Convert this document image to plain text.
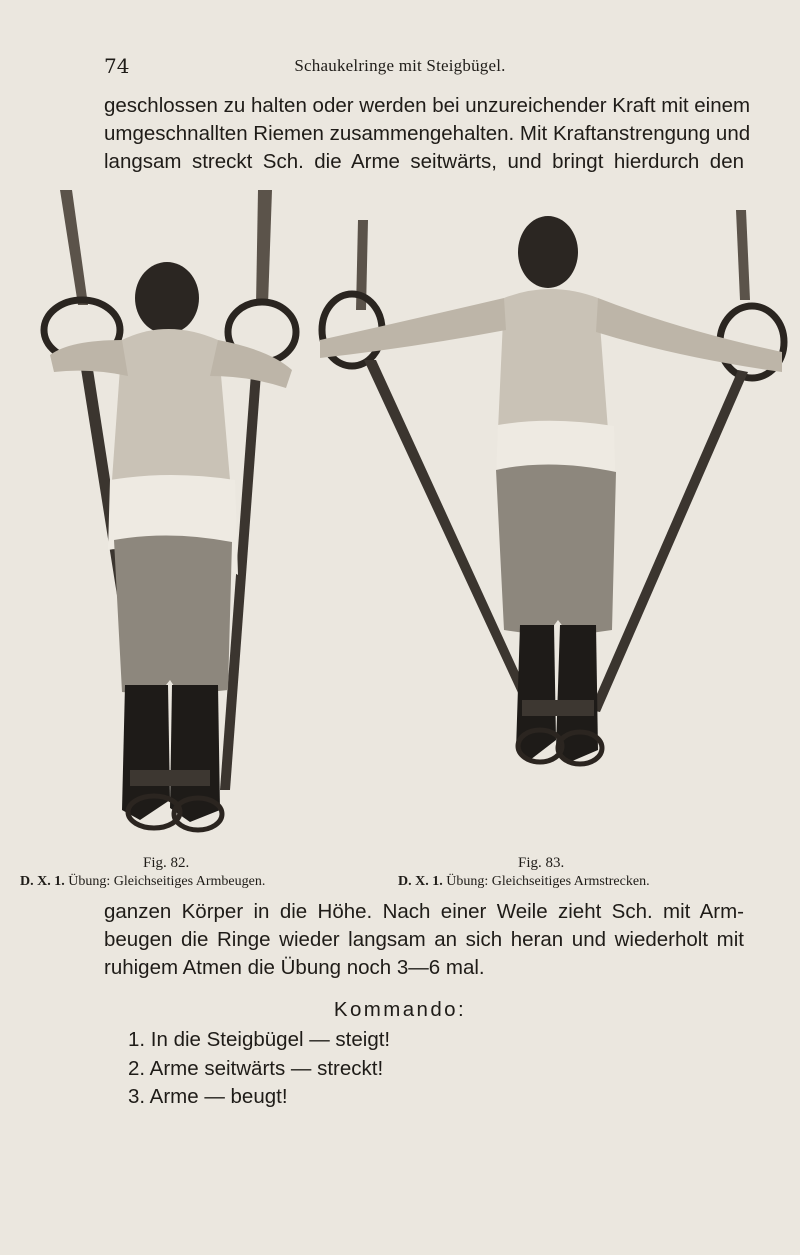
74	Schaukelringe mit Steigbügel.
geschlossen zu halten oder werden bei unzureichender Kraft mit einem
umgeschnallten Riemen zusammengehalten. Mit Kraftanstrengung und
langsam streckt Sch. die Arme seitwärts, und bringt hierdurch den
Fig. 82.
D. X. 1. Übung: Gleichseitiges Armbeugen.
Fig. 83.
D. X. 1. Übung: Gleichseitiges Armstrecken.
ganzen Körper in die Höhe. Nach einer Weile zieht Sch. mit Arm-
beugen die Ringe wieder langsam an sich heran und wiederholt mit
ruhigem Atmen die Übung noch 3—6 mal.
Kommando:
1. In die Steigbügel — steigt!
2. Arme seitwärts — streckt!
3. Arme — beugt!
